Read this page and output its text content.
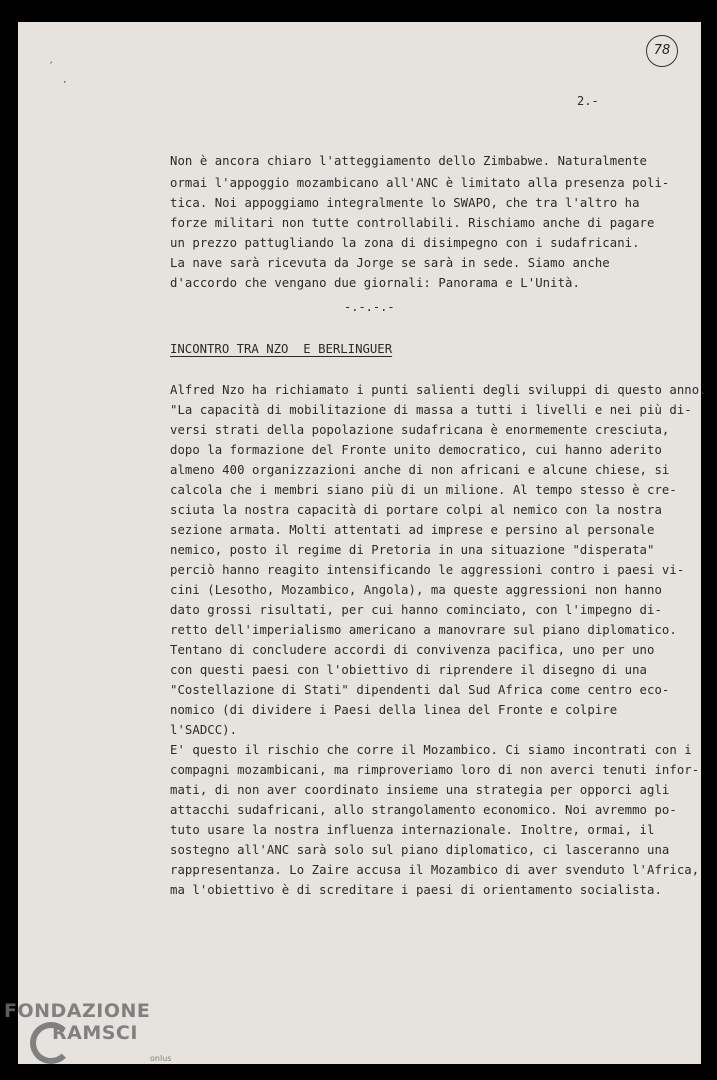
´
·
78
2.-
Non è ancora chiaro l'atteggiamento dello Zimbabwe. Naturalmente
ormai l'appoggio mozambicano all'ANC è limitato alla presenza poli-
tica. Noi appoggiamo integralmente lo SWAPO, che tra l'altro ha
forze militari non tutte controllabili. Rischiamo anche di pagare
un prezzo pattugliando la zona di disimpegno con i sudafricani.
La nave sarà ricevuta da Jorge se sarà in sede. Siamo anche
d'accordo che vengano due giornali: Panorama e L'Unità.
-.-.-.-
INCONTRO TRA NZO  E BERLINGUER
Alfred Nzo ha richiamato i punti salienti degli sviluppi di questo anno.
"La capacità di mobilitazione di massa a tutti i livelli e nei più di-
versi strati della popolazione sudafricana è enormemente cresciuta,
dopo la formazione del Fronte unito democratico, cui hanno aderito
almeno 400 organizzazioni anche di non africani e alcune chiese, si
calcola che i membri siano più di un milione. Al tempo stesso è cre-
sciuta la nostra capacità di portare colpi al nemico con la nostra
sezione armata. Molti attentati ad imprese e persino al personale
nemico, posto il regime di Pretoria in una situazione "disperata"
perciò hanno reagito intensificando le aggressioni contro i paesi vi-
cini (Lesotho, Mozambico, Angola), ma queste aggressioni non hanno
dato grossi risultati, per cui hanno cominciato, con l'impegno di-
retto dell'imperialismo americano a manovrare sul piano diplomatico.
Tentano di concludere accordi di convivenza pacifica, uno per uno
con questi paesi con l'obiettivo di riprendere il disegno di una
"Costellazione di Stati" dipendenti dal Sud Africa come centro eco-
nomico (di dividere i Paesi della linea del Fronte e colpire
l'SADCC).
E' questo il rischio che corre il Mozambico. Ci siamo incontrati con i
compagni mozambicani, ma rimproveriamo loro di non averci tenuti infor-
mati, di non aver coordinato insieme una strategia per opporci agli
attacchi sudafricani, allo strangolamento economico. Noi avremmo po-
tuto usare la nostra influenza internazionale. Inoltre, ormai, il
sostegno all'ANC sarà solo sul piano diplomatico, ci lasceranno una
rappresentanza. Lo Zaire accusa il Mozambico di aver svenduto l'Africa,
ma l'obiettivo è di screditare i paesi di orientamento socialista.
FONDAZIONE
RAMSCI
onlus
